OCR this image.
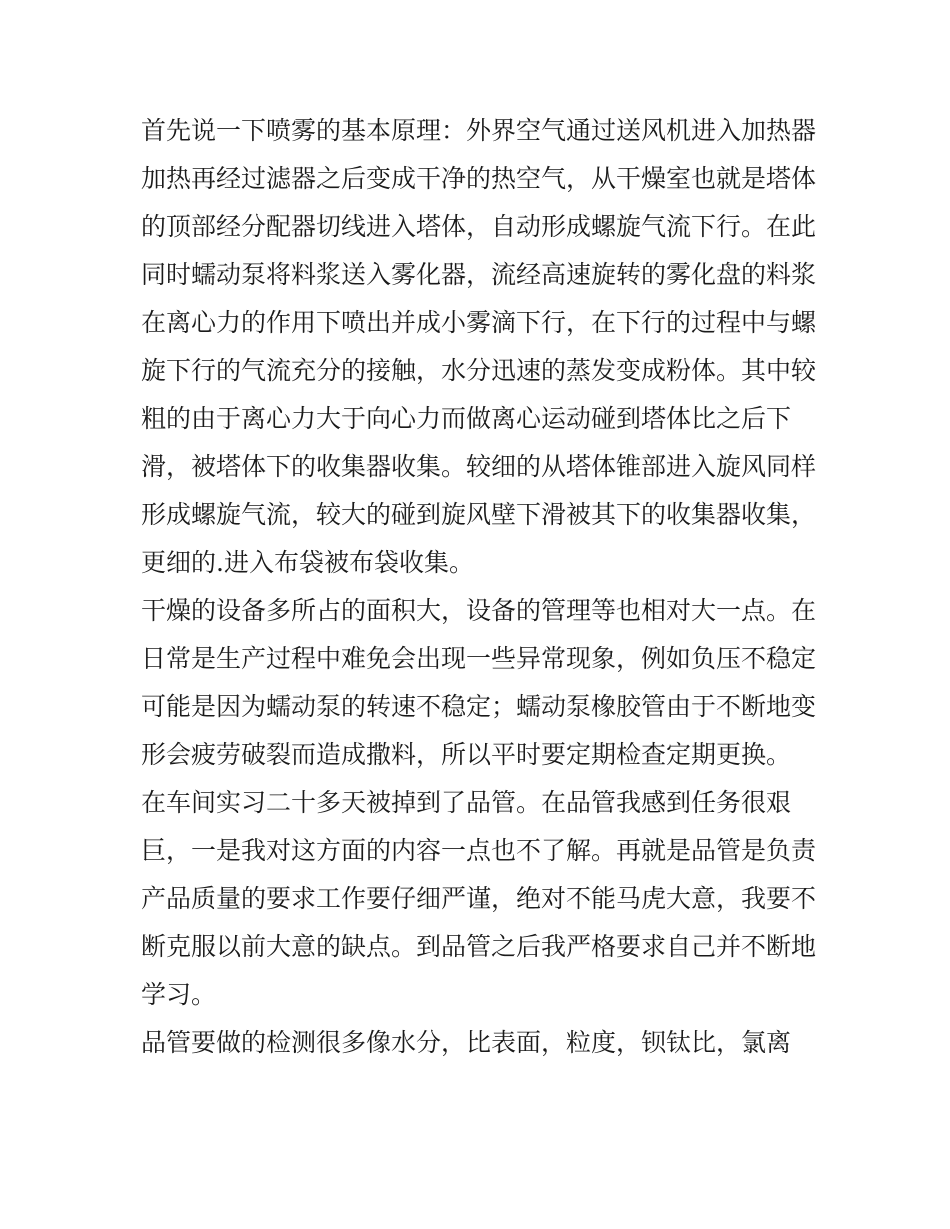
首先说一下喷雾的基本原理：外界空气通过送风机进入加热器
加热再经过滤器之后变成干净的热空气，从干燥室也就是塔体
的顶部经分配器切线进入塔体，自动形成螺旋气流下行。在此
同时蠕动泵将料浆送入雾化器，流经高速旋转的雾化盘的料浆
在离心力的作用下喷出并成小雾滴下行，在下行的过程中与螺
旋下行的气流充分的接触，水分迅速的蒸发变成粉体。其中较
粗的由于离心力大于向心力而做离心运动碰到塔体比之后下
滑，被塔体下的收集器收集。较细的从塔体锥部进入旋风同样
形成螺旋气流，较大的碰到旋风壁下滑被其下的收集器收集，
更细的.进入布袋被布袋收集。
干燥的设备多所占的面积大，设备的管理等也相对大一点。在
日常是生产过程中难免会出现一些异常现象，例如负压不稳定
可能是因为蠕动泵的转速不稳定；蠕动泵橡胶管由于不断地变
形会疲劳破裂而造成撒料，所以平时要定期检查定期更换。
在车间实习二十多天被掉到了品管。在品管我感到任务很艰
巨，一是我对这方面的内容一点也不了解。再就是品管是负责
产品质量的要求工作要仔细严谨，绝对不能马虎大意，我要不
断克服以前大意的缺点。到品管之后我严格要求自己并不断地
学习。
品管要做的检测很多像水分，比表面，粒度，钡钛比，氯离
